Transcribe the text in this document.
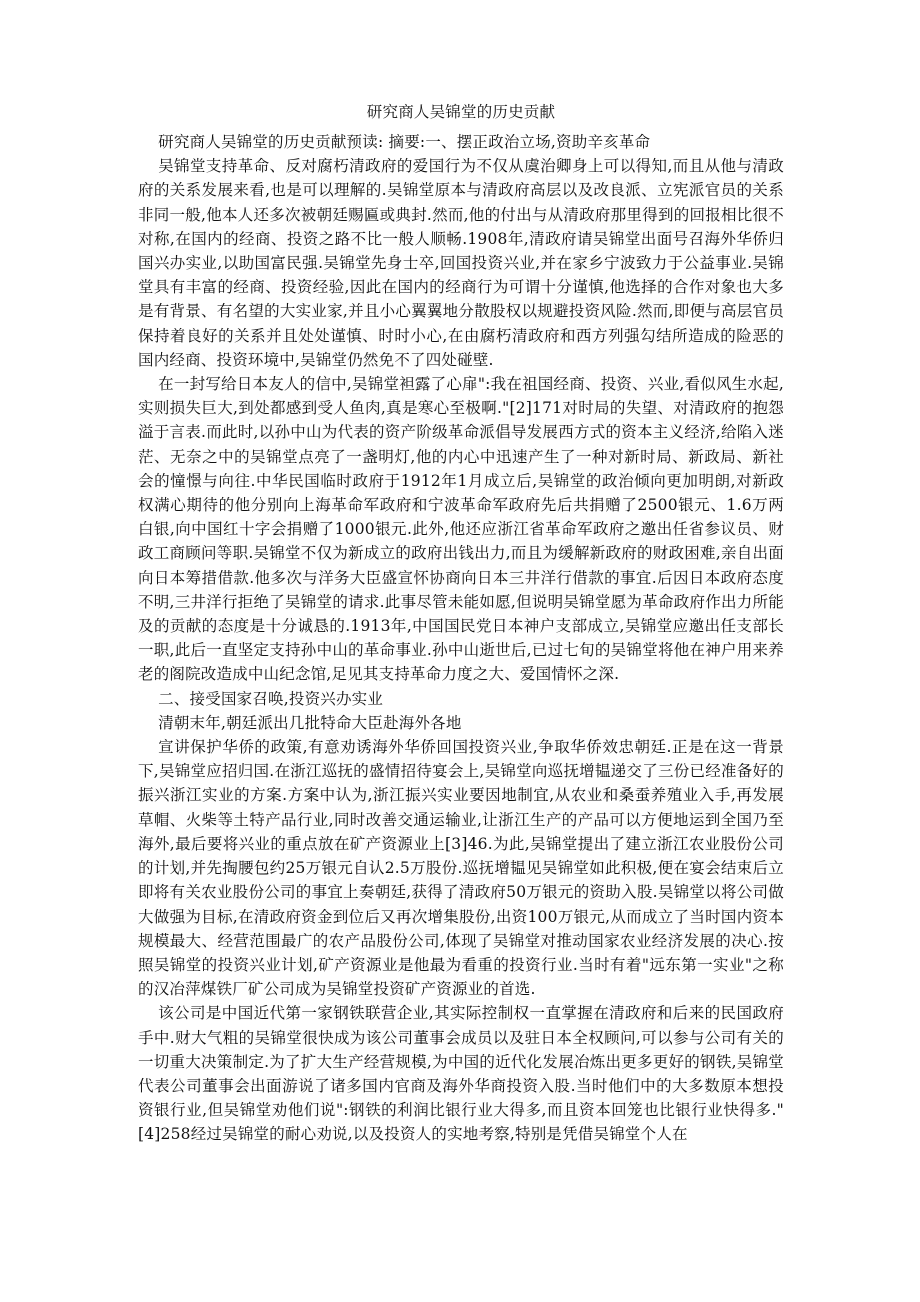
研究商人吴锦堂的历史贡献

研究商人吴锦堂的历史贡献预读: 摘要:一、摆正政治立场,资助辛亥革命

吴锦堂支持革命、反对腐朽清政府的爱国行为不仅从虞治卿身上可以得知,而且从他与清政府的关系发展来看,也是可以理解的.吴锦堂原本与清政府高层以及改良派、立宪派官员的关系非同一般,他本人还多次被朝廷赐匾或典封.然而,他的付出与从清政府那里得到的回报相比很不对称,在国内的经商、投资之路不比一般人顺畅.1908年,清政府请吴锦堂出面号召海外华侨归国兴办实业,以助国富民强.吴锦堂先身士卒,回国投资兴业,并在家乡宁波致力于公益事业.吴锦堂具有丰富的经商、投资经验,因此在国内的经商行为可谓十分谨慎,他选择的合作对象也大多是有背景、有名望的大实业家,并且小心翼翼地分散股权以规避投资风险.然而,即便与高层官员保持着良好的关系并且处处谨慎、时时小心,在由腐朽清政府和西方列强勾结所造成的险恶的国内经商、投资环境中,吴锦堂仍然免不了四处碰壁.

在一封写给日本友人的信中,吴锦堂袒露了心扉":我在祖国经商、投资、兴业,看似风生水起,实则损失巨大,到处都感到受人鱼肉,真是寒心至极啊."[2]171对时局的失望、对清政府的抱怨溢于言表.而此时,以孙中山为代表的资产阶级革命派倡导发展西方式的资本主义经济,给陷入迷茫、无奈之中的吴锦堂点亮了一盏明灯,他的内心中迅速产生了一种对新时局、新政局、新社会的憧憬与向往.中华民国临时政府于1912年1月成立后,吴锦堂的政治倾向更加明朗,对新政权满心期待的他分别向上海革命军政府和宁波革命军政府先后共捐赠了2500银元、1.6万两白银,向中国红十字会捐赠了1000银元.此外,他还应浙江省革命军政府之邀出任省参议员、财政工商顾问等职.吴锦堂不仅为新成立的政府出钱出力,而且为缓解新政府的财政困难,亲自出面向日本筹措借款.他多次与洋务大臣盛宣怀协商向日本三井洋行借款的事宜.后因日本政府态度不明,三井洋行拒绝了吴锦堂的请求.此事尽管未能如愿,但说明吴锦堂愿为革命政府作出力所能及的贡献的态度是十分诚恳的.1913年,中国国民党日本神户支部成立,吴锦堂应邀出任支部长一职,此后一直坚定支持孙中山的革命事业.孙中山逝世后,已过七旬的吴锦堂将他在神户用来养老的阁院改造成中山纪念馆,足见其支持革命力度之大、爱国情怀之深.

二、接受国家召唤,投资兴办实业

清朝末年,朝廷派出几批特命大臣赴海外各地

宣讲保护华侨的政策,有意劝诱海外华侨回国投资兴业,争取华侨效忠朝廷.正是在这一背景下,吴锦堂应招归国.在浙江巡抚的盛情招待宴会上,吴锦堂向巡抚增韫递交了三份已经准备好的振兴浙江实业的方案.方案中认为,浙江振兴实业要因地制宜,从农业和桑蚕养殖业入手,再发展草帽、火柴等土特产品行业,同时改善交通运输业,让浙江生产的产品可以方便地运到全国乃至海外,最后要将兴业的重点放在矿产资源业上[3]46.为此,吴锦堂提出了建立浙江农业股份公司的计划,并先掏腰包约25万银元自认2.5万股份.巡抚增韫见吴锦堂如此积极,便在宴会结束后立即将有关农业股份公司的事宜上奏朝廷,获得了清政府50万银元的资助入股.吴锦堂以将公司做大做强为目标,在清政府资金到位后又再次增集股份,出资100万银元,从而成立了当时国内资本规模最大、经营范围最广的农产品股份公司,体现了吴锦堂对推动国家农业经济发展的决心.按照吴锦堂的投资兴业计划,矿产资源业是他最为看重的投资行业.当时有着"远东第一实业"之称的汉冶萍煤铁厂矿公司成为吴锦堂投资矿产资源业的首选.

该公司是中国近代第一家钢铁联营企业,其实际控制权一直掌握在清政府和后来的民国政府手中.财大气粗的吴锦堂很快成为该公司董事会成员以及驻日本全权顾问,可以参与公司有关的一切重大决策制定.为了扩大生产经营规模,为中国的近代化发展冶炼出更多更好的钢铁,吴锦堂代表公司董事会出面游说了诸多国内官商及海外华商投资入股.当时他们中的大多数原本想投资银行业,但吴锦堂劝他们说":钢铁的利润比银行业大得多,而且资本回笼也比银行业快得多."[4]258经过吴锦堂的耐心劝说,以及投资人的实地考察,特别是凭借吴锦堂个人在
